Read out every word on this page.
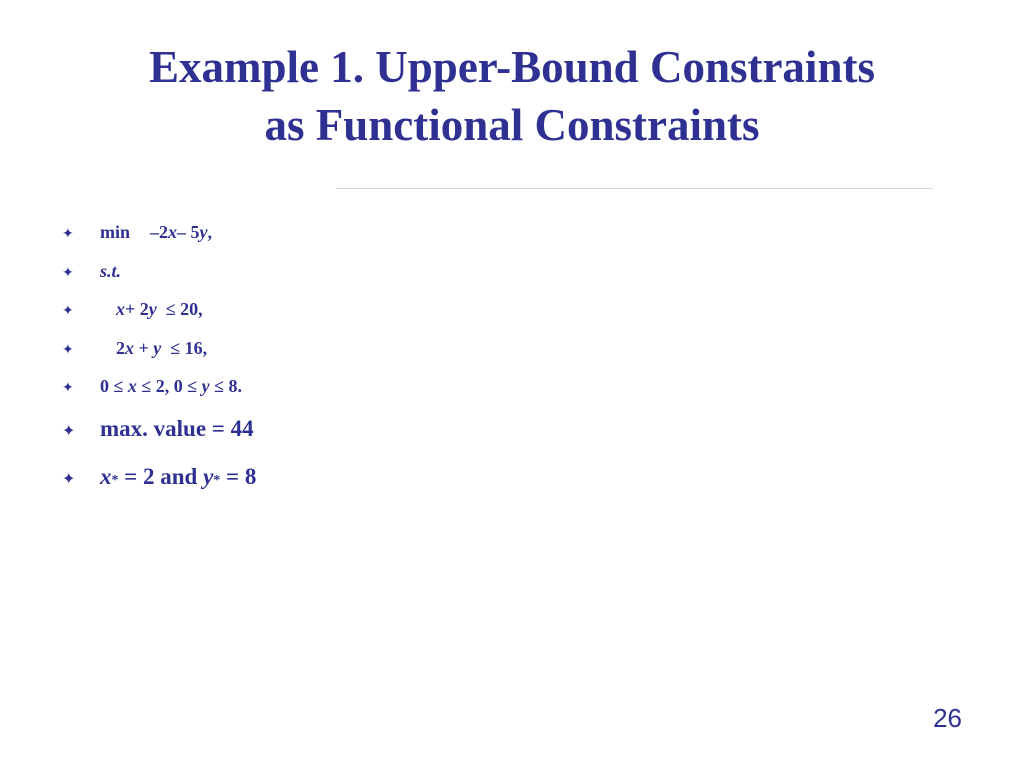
Example 1. Upper-Bound Constraints
as Functional Constraints
✦	min –2 x – 5 y ,
✦	s.t.
✦	x + 2 y ≤ 20,
✦	2 x + y ≤ 16,
✦	0 ≤ x ≤ 2, 0 ≤ y ≤ 8.
✦	max. value = 44
✦	x * = 2 and y * = 8
26
